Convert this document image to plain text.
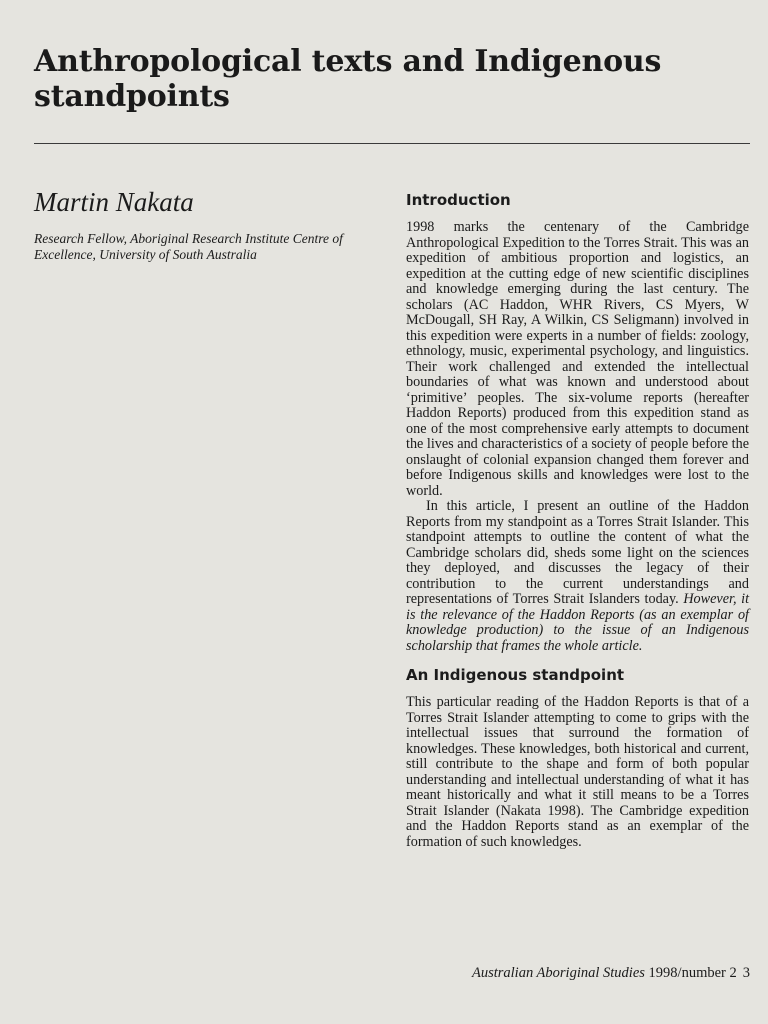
Anthropological texts and Indigenous standpoints
Martin Nakata

Research Fellow, Aboriginal Research Institute Centre of Excellence, University of South Australia

Introduction

1998 marks the centenary of the Cambridge Anthropological Expedition to the Torres Strait. This was an expedition of ambitious proportion and logistics, an expedition at the cutting edge of new scientific disciplines and knowledge emerging during the last century. The scholars (AC Haddon, WHR Rivers, CS Myers, W McDougall, SH Ray, A Wilkin, CS Seligmann) involved in this expedition were experts in a number of fields: zoology, ethnology, music, experimental psychology, and linguistics. Their work challenged and extended the intellectual boundaries of what was known and understood about ‘primitive’ peoples. The six-volume reports (hereafter Haddon Reports) produced from this expedition stand as one of the most comprehensive early attempts to document the lives and characteristics of a society of people before the onslaught of colonial expansion changed them forever and before Indigenous skills and knowledges were lost to the world.

In this article, I present an outline of the Haddon Reports from my standpoint as a Torres Strait Islander. This standpoint attempts to outline the content of what the Cambridge scholars did, sheds some light on the sciences they deployed, and discusses the legacy of their contribution to the current understandings and representations of Torres Strait Islanders today. However, it is the relevance of the Haddon Reports (as an exemplar of knowledge production) to the issue of an Indigenous scholarship that frames the whole article.

An Indigenous standpoint

This particular reading of the Haddon Reports is that of a Torres Strait Islander attempting to come to grips with the intellectual issues that surround the formation of knowledges. These knowledges, both historical and current, still contribute to the shape and form of both popular understanding and intellectual understanding of what it has meant historically and what it still means to be a Torres Strait Islander (Nakata 1998). The Cambridge expedition and the Haddon Reports stand as an exemplar of the formation of such knowledges.

Australian Aboriginal Studies 1998/number 2 3
